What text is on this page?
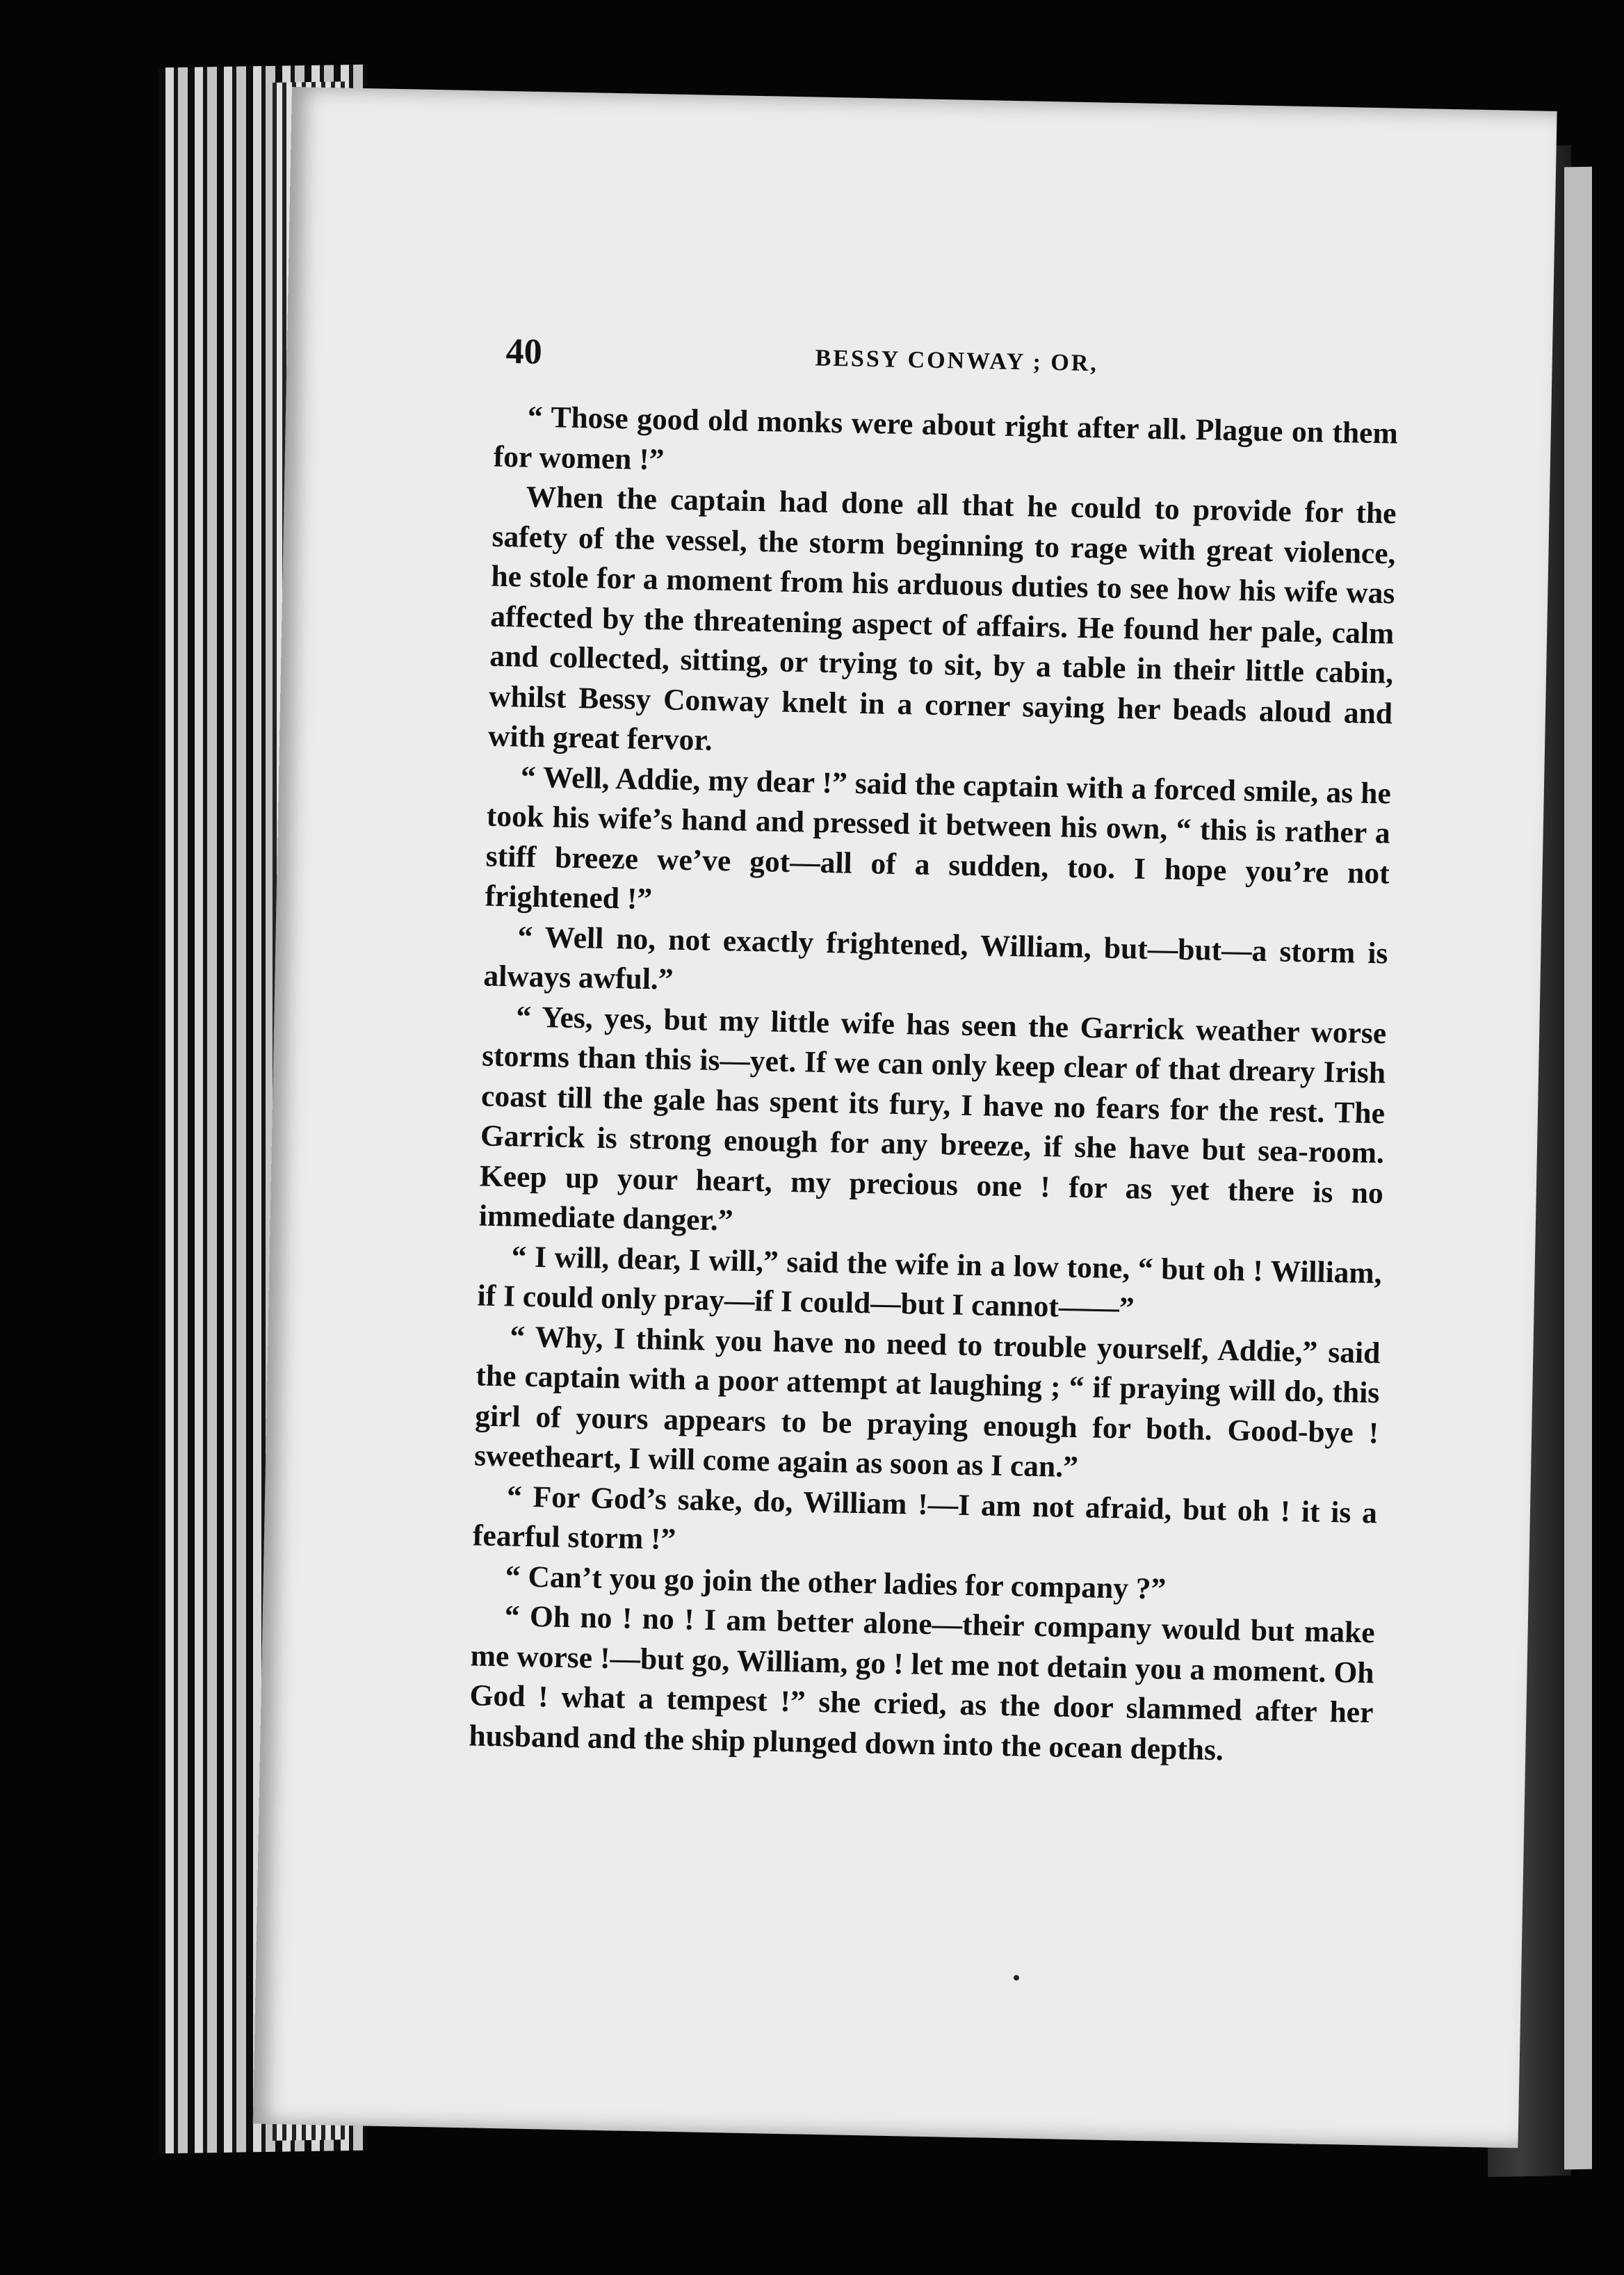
40	BESSY CONWAY ; OR,

“ Those good old monks were about right after all. Plague on them for women !”

When the captain had done all that he could to provide for the safety of the vessel, the storm beginning to rage with great violence, he stole for a moment from his arduous duties to see how his wife was affected by the threatening aspect of affairs. He found her pale, calm and collected, sitting, or trying to sit, by a table in their little cabin, whilst Bessy Conway knelt in a corner saying her beads aloud and with great fervor.

“ Well, Addie, my dear !” said the captain with a forced smile, as he took his wife’s hand and pressed it between his own, “ this is rather a stiff breeze we’ve got—all of a sudden, too. I hope you’re not frightened !”

“ Well no, not exactly frightened, William, but—but—a storm is always awful.”

“ Yes, yes, but my little wife has seen the Garrick weather worse storms than this is—yet. If we can only keep clear of that dreary Irish coast till the gale has spent its fury, I have no fears for the rest. The Garrick is strong enough for any breeze, if she have but sea-room. Keep up your heart, my precious one ! for as yet there is no immediate danger.”

“ I will, dear, I will,” said the wife in a low tone, “ but oh ! William, if I could only pray—if I could—but I cannot——”

“ Why, I think you have no need to trouble yourself, Addie,” said the captain with a poor attempt at laughing ; “ if praying will do, this girl of yours appears to be praying enough for both. Good-bye ! sweetheart, I will come again as soon as I can.”

“ For God’s sake, do, William !—I am not afraid, but oh ! it is a fearful storm !”

“ Can’t you go join the other ladies for company ?”

“ Oh no ! no ! I am better alone—their company would but make me worse !—but go, William, go ! let me not detain you a moment. Oh God ! what a tempest !” she cried, as the door slammed after her husband and the ship plunged down into the ocean depths.
